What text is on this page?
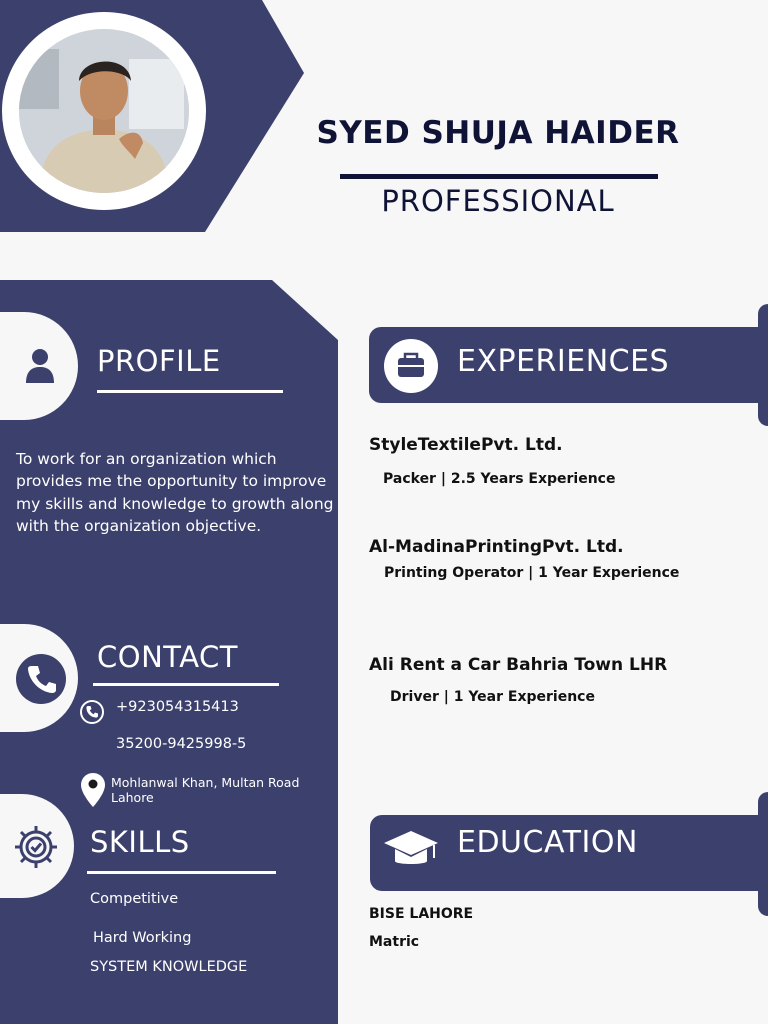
SYED SHUJA HAIDER
PROFESSIONAL
PROFILE
To work for an organization which provides me the opportunity to improve my skills and knowledge to growth along with the organization objective.
CONTACT
+923054315413
35200-9425998-5
Mohlanwal Khan, Multan Road
Lahore
SKILLS
Competitive
Hard Working
SYSTEM KNOWLEDGE
EXPERIENCES
StyleTextilePvt. Ltd.
Packer | 2.5 Years Experience
Al-MadinaPrintingPvt. Ltd.
Printing Operator | 1 Year Experience
Ali Rent a Car Bahria Town LHR
Driver | 1 Year Experience
EDUCATION
BISE LAHORE
Matric
